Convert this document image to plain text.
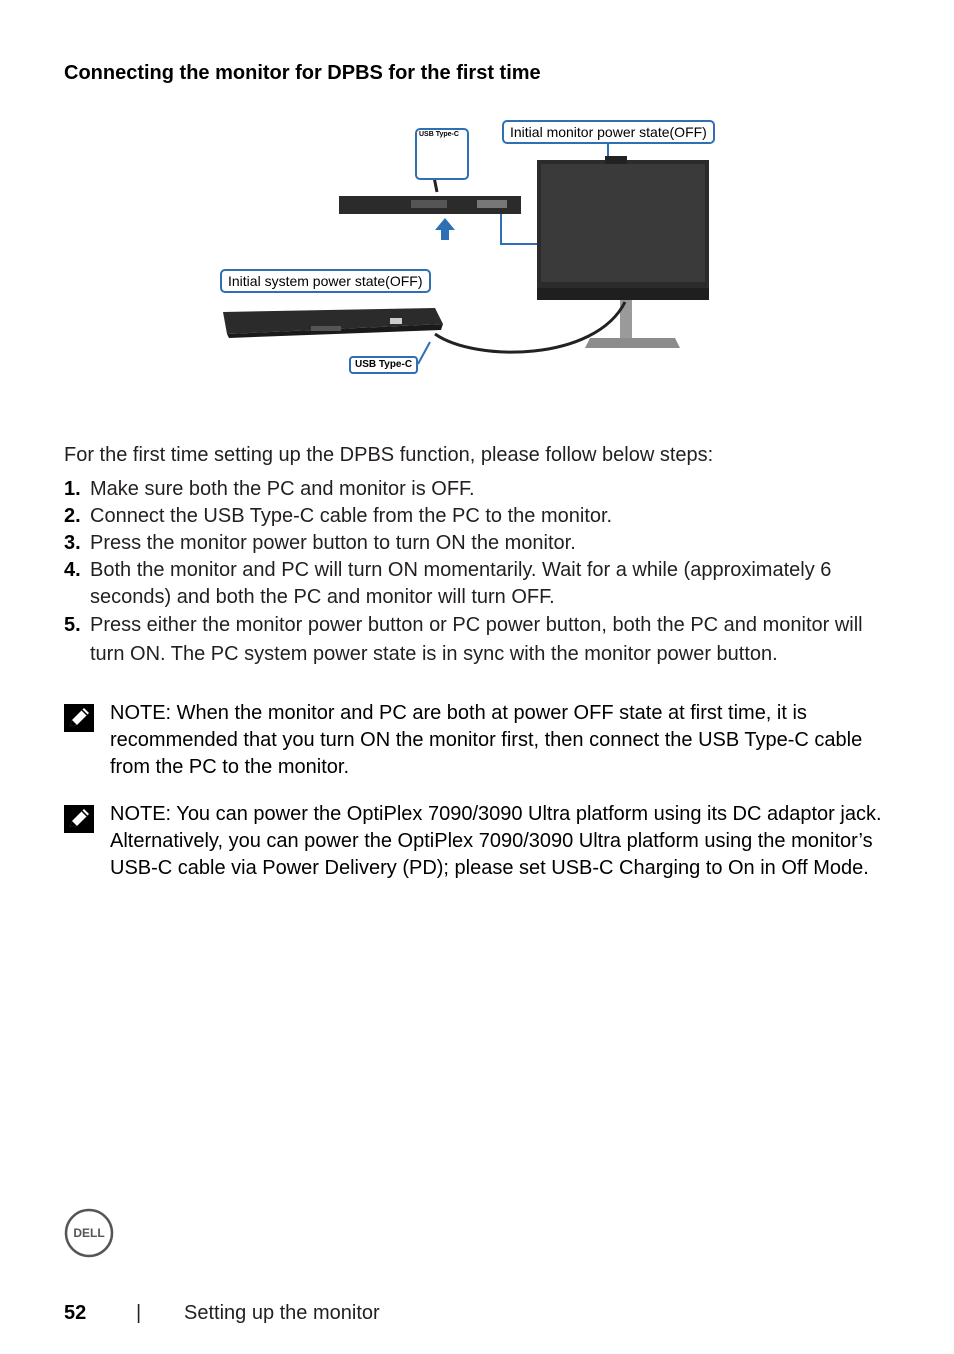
Connecting the monitor for DPBS for the first time
Initial monitor power state(OFF)
Initial system power state(OFF)
USB Type-C
USB Type-C

For the first time setting up the DPBS function, please follow below steps:

1. Make sure both the PC and monitor is OFF.
2. Connect the USB Type-C cable from the PC to the monitor.
3. Press the monitor power button to turn ON the monitor.
4. Both the monitor and PC will turn ON momentarily. Wait for a while (approximately 6 seconds) and both the PC and monitor will turn OFF.
5. Press either the monitor power button or PC power button, both the PC and monitor will turn ON. The PC system power state is in sync with the monitor power button.

NOTE: When the monitor and PC are both at power OFF state at first time, it is recommended that you turn ON the monitor first, then connect the USB Type-C cable from the PC to the monitor.

NOTE: You can power the OptiPlex 7090/3090 Ultra platform using its DC adaptor jack. Alternatively, you can power the OptiPlex 7090/3090 Ultra platform using the monitor’s USB-C cable via Power Delivery (PD); please set USB-C Charging to On in Off Mode.

DELL
52 | Setting up the monitor
